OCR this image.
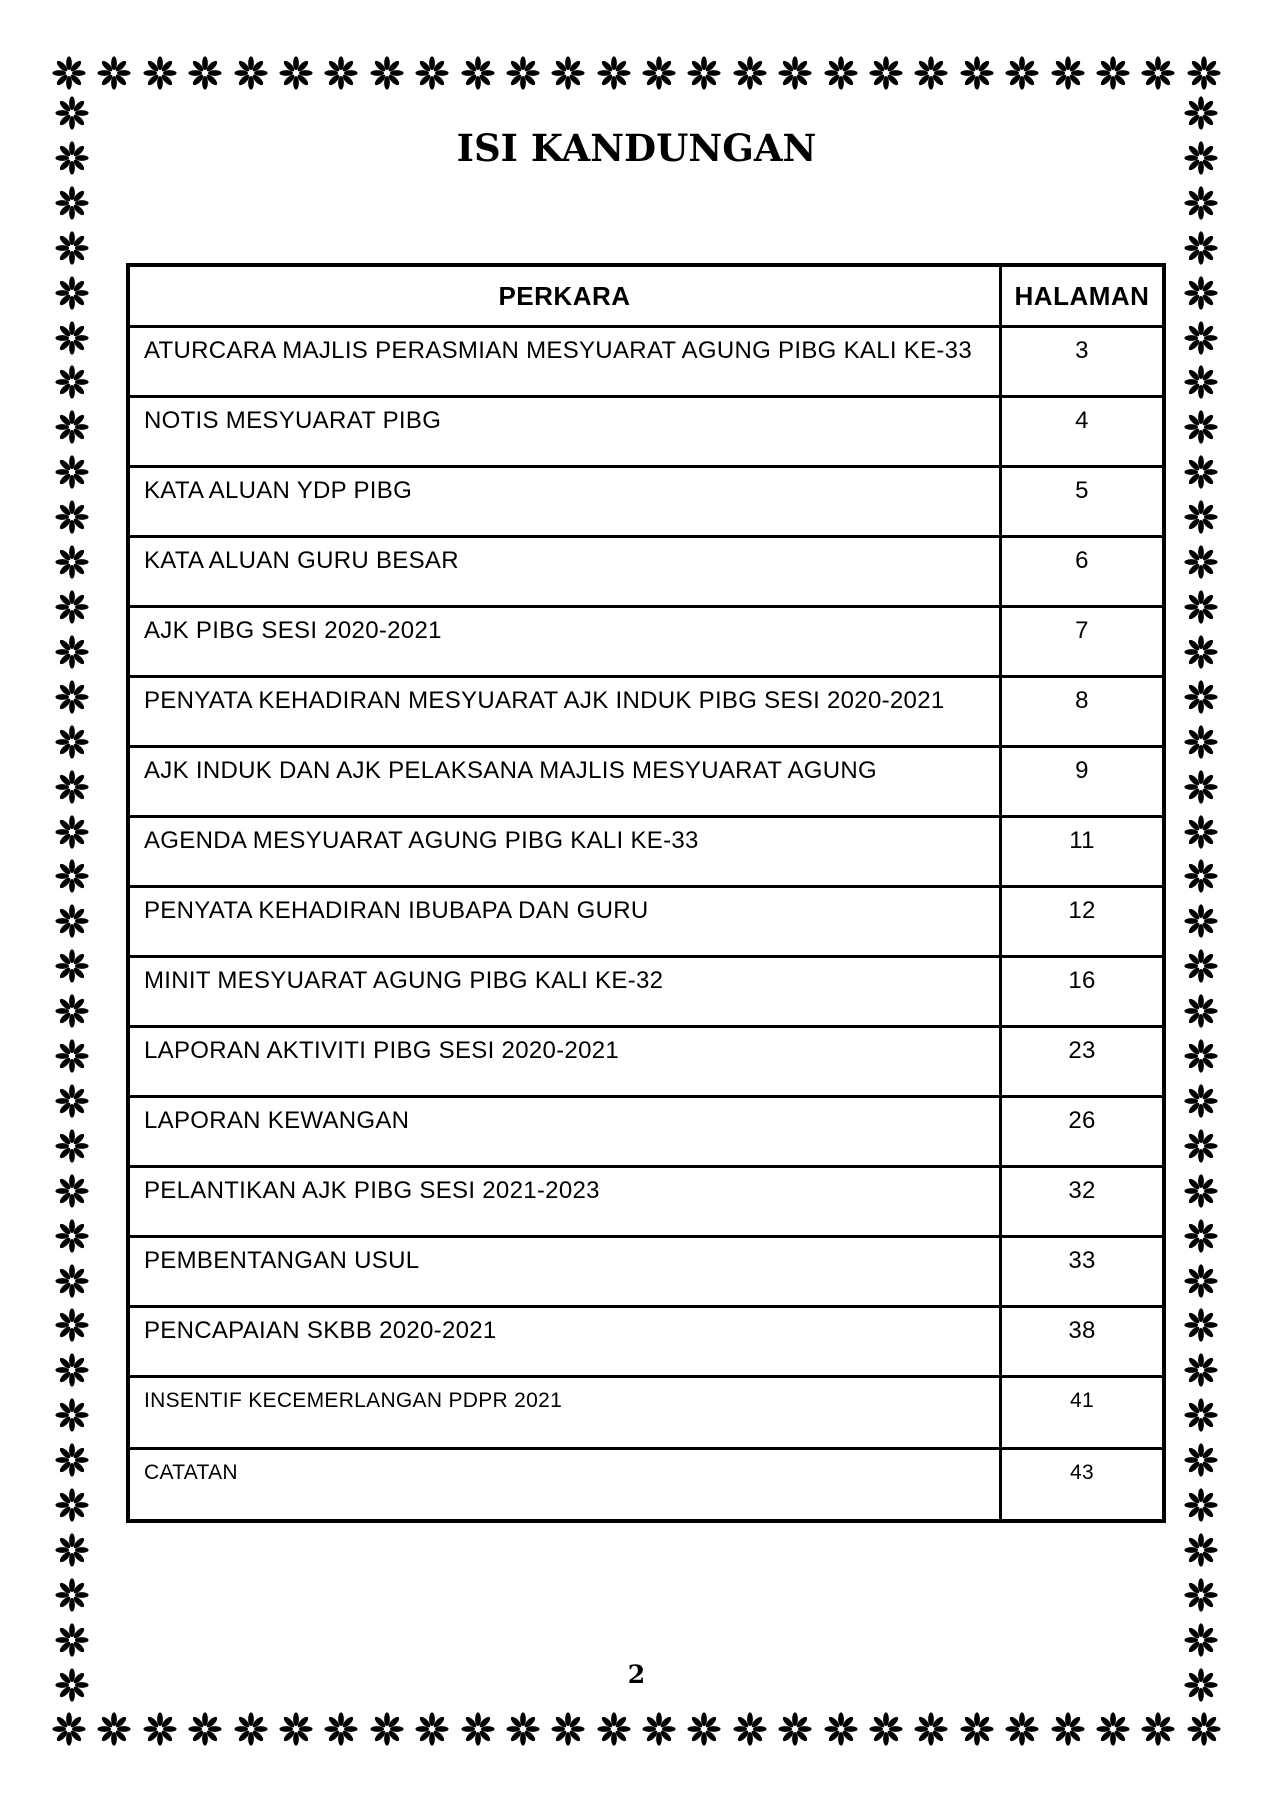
ISI KANDUNGAN
PERKARA	HALAMAN
ATURCARA MAJLIS PERASMIAN MESYUARAT AGUNG PIBG KALI KE-33	3
NOTIS MESYUARAT PIBG	4
KATA ALUAN YDP PIBG	5
KATA ALUAN GURU BESAR	6
AJK PIBG SESI 2020-2021	7
PENYATA KEHADIRAN MESYUARAT AJK INDUK PIBG SESI 2020-2021	8
AJK INDUK DAN AJK PELAKSANA MAJLIS MESYUARAT AGUNG	9
AGENDA MESYUARAT AGUNG PIBG KALI KE-33	11
PENYATA KEHADIRAN IBUBAPA DAN GURU	12
MINIT MESYUARAT AGUNG PIBG KALI KE-32	16
LAPORAN AKTIVITI PIBG SESI 2020-2021	23
LAPORAN KEWANGAN	26
PELANTIKAN AJK PIBG SESI 2021-2023	32
PEMBENTANGAN USUL	33
PENCAPAIAN SKBB 2020-2021	38
INSENTIF KECEMERLANGAN PDPR 2021	41
CATATAN	43
2
